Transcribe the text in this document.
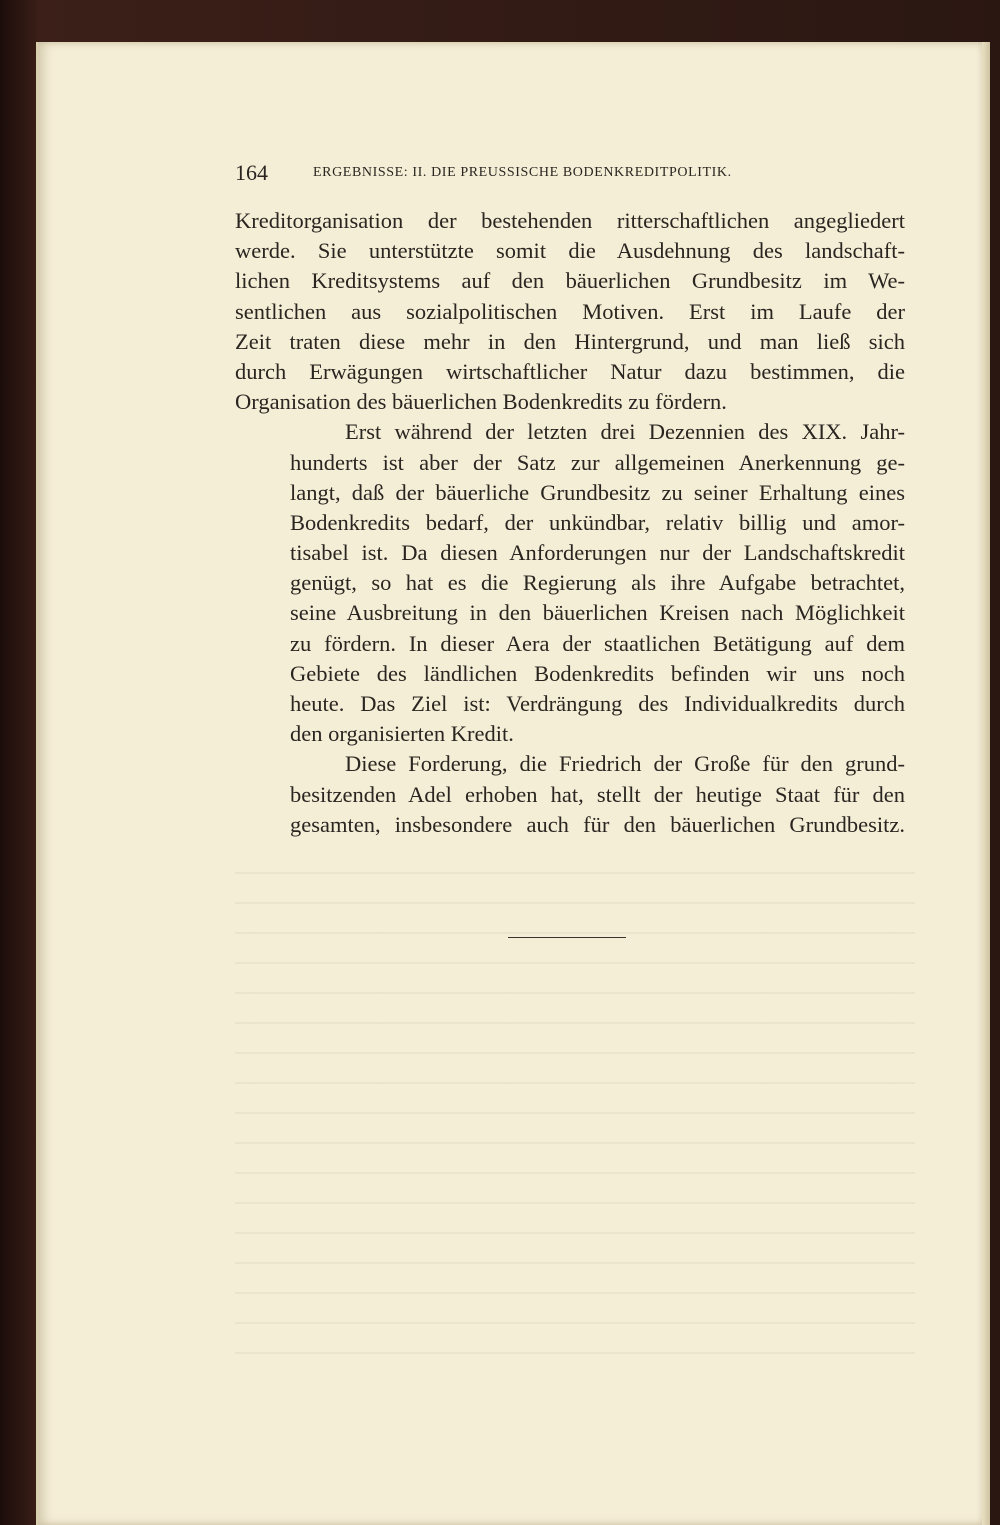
164	ERGEBNISSE: II. DIE PREUSSISCHE BODENKREDITPOLITIK.

Kreditorganisation der bestehenden ritterschaftlichen angegliedert
werde. Sie unterstützte somit die Ausdehnung des landschaft-
lichen Kreditsystems auf den bäuerlichen Grundbesitz im We-
sentlichen aus sozialpolitischen Motiven. Erst im Laufe der
Zeit traten diese mehr in den Hintergrund, und man ließ sich
durch Erwägungen wirtschaftlicher Natur dazu bestimmen, die
Organisation des bäuerlichen Bodenkredits zu fördern.

Erst während der letzten drei Dezennien des XIX. Jahr-
hunderts ist aber der Satz zur allgemeinen Anerkennung ge-
langt, daß der bäuerliche Grundbesitz zu seiner Erhaltung eines
Bodenkredits bedarf, der unkündbar, relativ billig und amor-
tisabel ist. Da diesen Anforderungen nur der Landschaftskredit
genügt, so hat es die Regierung als ihre Aufgabe betrachtet,
seine Ausbreitung in den bäuerlichen Kreisen nach Möglichkeit
zu fördern. In dieser Aera der staatlichen Betätigung auf dem
Gebiete des ländlichen Bodenkredits befinden wir uns noch
heute. Das Ziel ist: Verdrängung des Individualkredits durch
den organisierten Kredit.

Diese Forderung, die Friedrich der Große für den grund-
besitzenden Adel erhoben hat, stellt der heutige Staat für den
gesamten, insbesondere auch für den bäuerlichen Grundbesitz.
